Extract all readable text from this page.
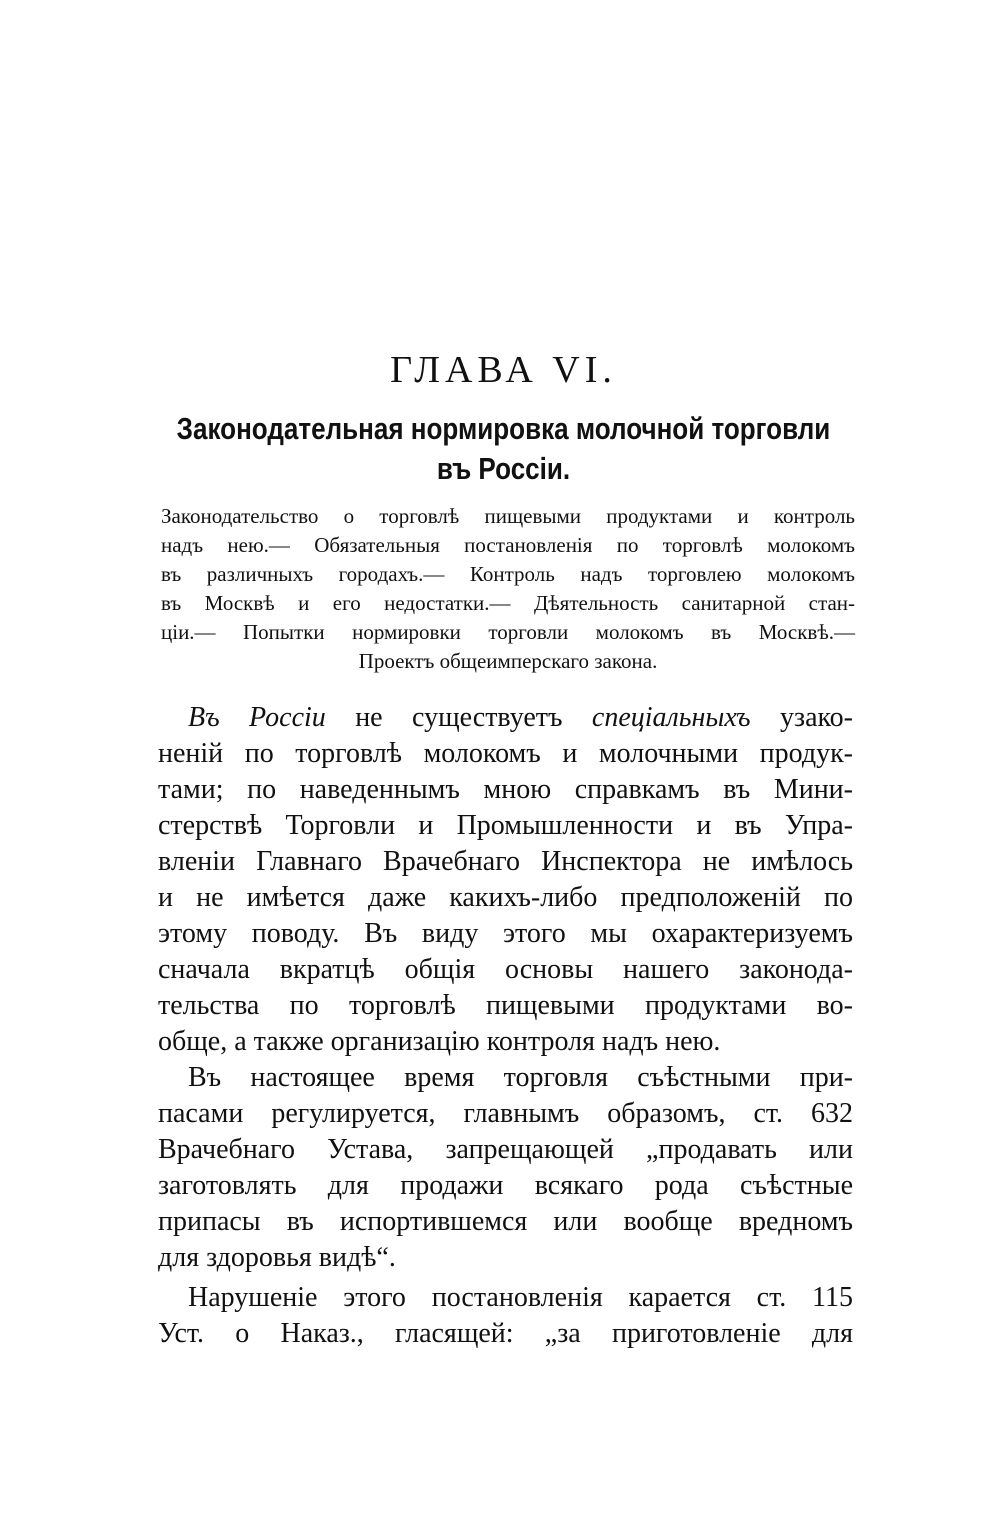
ГЛАВА VI.
Законодательная нормировка молочной торговли
въ Россіи.
Законодательство о торговлѣ пищевыми продуктами и контроль
надъ нею.— Обязательныя постановленія по торговлѣ молокомъ
въ различныхъ городахъ.— Контроль надъ торговлею молокомъ
въ Москвѣ и его недостатки.— Дѣятельность санитарной стан-
ціи.— Попытки нормировки торговли молокомъ въ Москвѣ.—
Проектъ общеимперскаго закона.
Въ Россіи не существуетъ спеціальныхъ узако-
неній по торговлѣ молокомъ и молочными продук-
тами; по наведеннымъ мною справкамъ въ Мини-
стерствѣ Торговли и Промышленности и въ Упра-
вленіи Главнаго Врачебнаго Инспектора не имѣлось
и не имѣется даже какихъ-либо предположеній по
этому поводу. Въ виду этого мы охарактеризуемъ
сначала вкратцѣ общія основы нашего законода-
тельства по торговлѣ пищевыми продуктами во-
обще, а также организацію контроля надъ нею.
Въ настоящее время торговля съѣстными при-
пасами регулируется, главнымъ образомъ, ст. 632
Врачебнаго Устава, запрещающей „продавать или
заготовлять для продажи всякаго рода съѣстные
припасы въ испортившемся или вообще вредномъ
для здоровья видѣ“.
Нарушеніе этого постановленія карается ст. 115
Уст. о Наказ., гласящей: „за приготовленіе для
